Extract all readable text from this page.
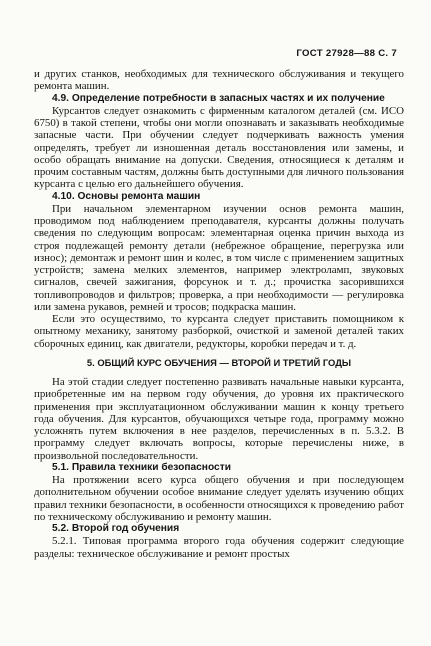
ГОСТ 27928—88 С. 7

и других станков, необходимых для технического обслуживания и текущего ремонта машин.

4.9. Определение потребности в запасных частях и их получение

Курсантов следует ознакомить с фирменным каталогом деталей (см. ИСО 6750) в такой степени, чтобы они могли опознавать и заказывать необходимые запасные части. При обучении следует подчеркивать важность умения определять, требует ли изношенная деталь восстановления или замены, и особо обращать внимание на допуски. Сведения, относящиеся к деталям и прочим составным частям, должны быть доступными для личного пользования курсанта с целью его дальнейшего обучения.

4.10. Основы ремонта машин

При начальном элементарном изучении основ ремонта машин, проводимом под наблюдением преподавателя, курсанты должны получать сведения по следующим вопросам: элементарная оценка причин выхода из строя подлежащей ремонту детали (небрежное обращение, перегрузка или износ); демонтаж и ремонт шин и колес, в том числе с применением защитных устройств; замена мелких элементов, например электроламп, звуковых сигналов, свечей зажигания, форсунок и т. д.; прочистка засорившихся топливопроводов и фильтров; проверка, а при необходимости — регулировка или замена рукавов, ремней и тросов; подкраска машин.

Если это осуществимо, то курсанта следует приставить помощником к опытному механику, занятому разборкой, очисткой и заменой деталей таких сборочных единиц, как двигатели, редукторы, коробки передач и т. д.

5. ОБЩИЙ КУРС ОБУЧЕНИЯ — ВТОРОЙ И ТРЕТИЙ ГОДЫ

На этой стадии следует постепенно развивать начальные навыки курсанта, приобретенные им на первом году обучения, до уровня их практического применения при эксплуатационном обслуживании машин к концу третьего года обучения. Для курсантов, обучающихся четыре года, программу можно усложнять путем включения в нее разделов, перечисленных в п. 5.3.2. В программу следует включать вопросы, которые перечислены ниже, в произвольной последовательности.

5.1. Правила техники безопасности

На протяжении всего курса общего обучения и при последующем дополнительном обучении особое внимание следует уделять изучению общих правил техники безопасности, в особенности относящихся к проведению работ по техническому обслуживанию и ремонту машин.

5.2. Второй год обучения

5.2.1. Типовая программа второго года обучения содержит следующие разделы: техническое обслуживание и ремонт простых
